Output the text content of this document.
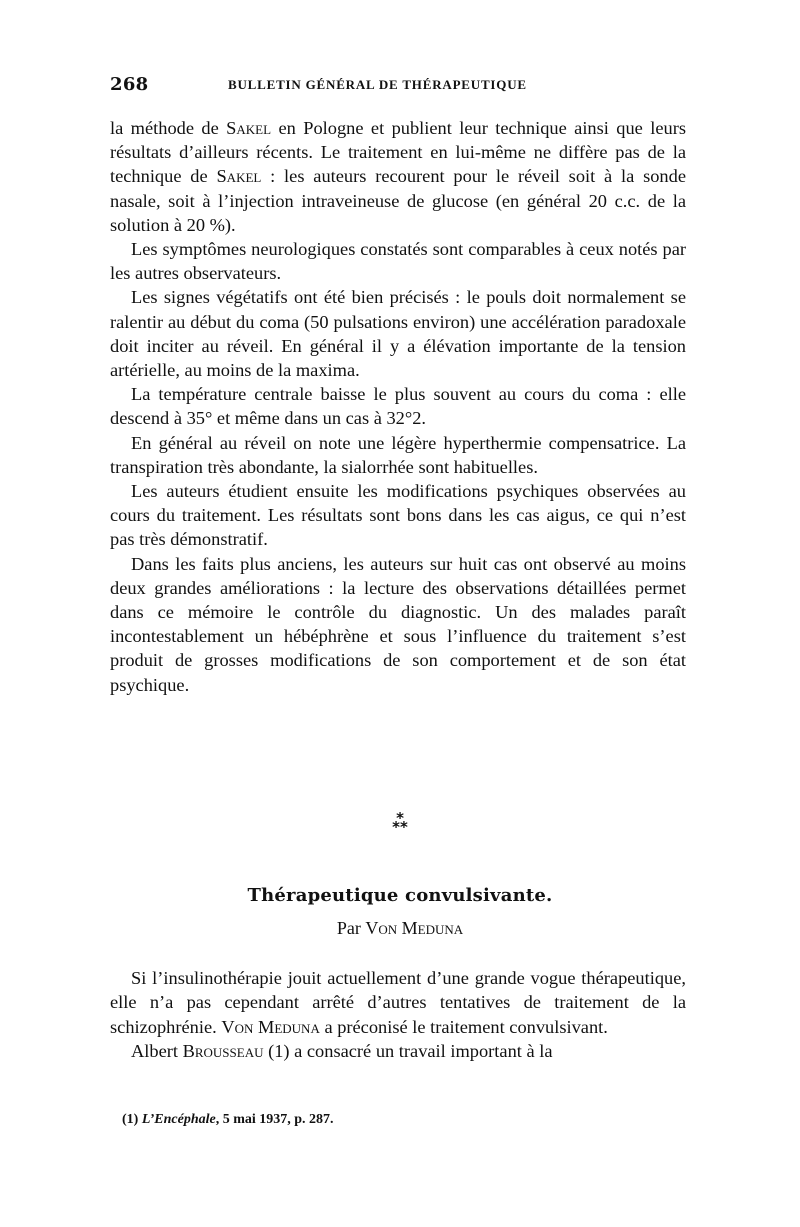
268	BULLETIN GÉNÉRAL DE THÉRAPEUTIQUE

la méthode de Sakel en Pologne et publient leur technique ainsi que leurs résultats d’ailleurs récents. Le traitement en lui-même ne diffère pas de la technique de Sakel : les auteurs recourent pour le réveil soit à la sonde nasale, soit à l’injection intraveineuse de glucose (en général 20 c.c. de la solution à 20 %).

Les symptômes neurologiques constatés sont comparables à ceux notés par les autres observateurs.

Les signes végétatifs ont été bien précisés : le pouls doit normalement se ralentir au début du coma (50 pulsations environ) une accélération paradoxale doit inciter au réveil. En général il y a élévation importante de la tension artérielle, au moins de la maxima.

La température centrale baisse le plus souvent au cours du coma : elle descend à 35° et même dans un cas à 32°2.

En général au réveil on note une légère hyperthermie compensatrice. La transpiration très abondante, la sialorrhée sont habituelles.

Les auteurs étudient ensuite les modifications psychiques observées au cours du traitement. Les résultats sont bons dans les cas aigus, ce qui n’est pas très démonstratif.

Dans les faits plus anciens, les auteurs sur huit cas ont observé au moins deux grandes améliorations : la lecture des observations détaillées permet dans ce mémoire le contrôle du diagnostic. Un des malades paraît incontestablement un hébéphrène et sous l’influence du traitement s’est produit de grosses modifications de son comportement et de son état psychique.

*
**
Thérapeutique convulsivante.
Par Von Meduna

Si l’insulinothérapie jouit actuellement d’une grande vogue thérapeutique, elle n’a pas cependant arrêté d’autres tentatives de traitement de la schizophrénie. Von Meduna a préconisé le traitement convulsivant.

Albert Brousseau (1) a consacré un travail important à la

(1) L’Encéphale, 5 mai 1937, p. 287.
